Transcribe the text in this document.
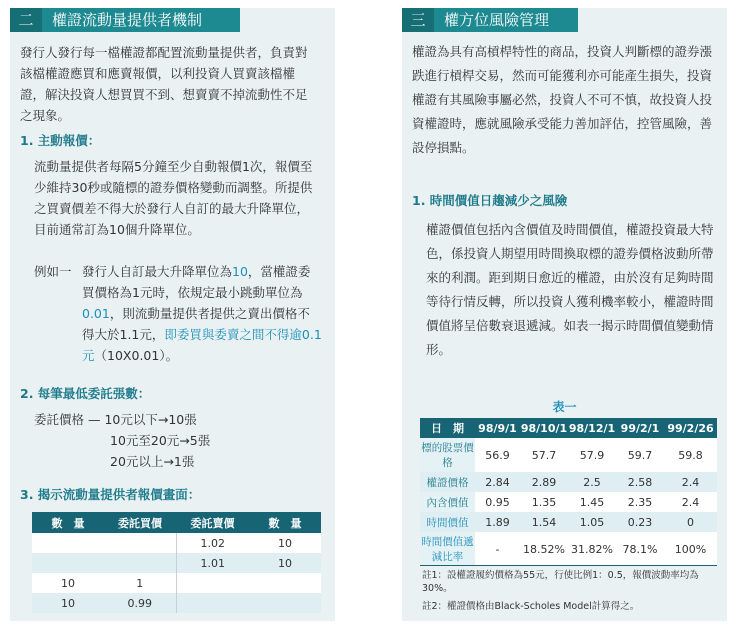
二	權證流動量提供者機制
發行人發行每一檔權證都配置流動量提供者，負責對該檔權證應買和應賣報價，以利投資人買賣該檔權證，解決投資人想買買不到、想賣賣不掉流動性不足之現象。
1. 主動報價：
流動量提供者每隔5分鐘至少自動報價1次，報價至少維持30秒或隨標的證券價格變動而調整。所提供之買賣價差不得大於發行人自訂的最大升降單位，目前通常訂為10個升降單位。
例如一 發行人自訂最大升降單位為10，當權證委買價格為1元時，依規定最小跳動單位為0.01，則流動量提供者提供之賣出價格不得大於1.1元，即委買與委賣之間不得逾0.1元（10X0.01）。
2. 每筆最低委託張數：
委託價格 — 10元以下→10張
10元至20元→5張
20元以上→1張
3. 揭示流動量提供者報價畫面：
數　量	委託買價	委託賣價	數　量
		1.02	10
		1.01	10
10	1		
10	0.99		
三	權方位風險管理
權證為具有高槓桿特性的商品，投資人判斷標的證券漲跌進行槓桿交易，然而可能獲利亦可能產生損失，投資權證有其風險事屬必然，投資人不可不慎，故投資人投資權證時，應就風險承受能力善加評估，控管風險，善設停損點。
1. 時間價值日趨減少之風險
權證價值包括內含價值及時間價值，權證投資最大特色，係投資人期望用時間換取標的證券價格波動所帶來的利潤。距到期日愈近的權證，由於沒有足夠時間等待行情反轉，所以投資人獲利機率較小，權證時間價值將呈倍數衰退遞減。如表一揭示時間價值變動情形。
表一
日　期	98/9/1	98/10/1	98/12/1	99/2/1	99/2/26
標的股票價格	56.9	57.7	57.9	59.7	59.8
權證價格	2.84	2.89	2.5	2.58	2.4
內含價值	0.95	1.35	1.45	2.35	2.4
時間價值	1.89	1.54	1.05	0.23	0
時間價值遞減比率	-	18.52%	31.82%	78.1%	100%
註1：設權證履約價格為55元，行使比例1：0.5，報價波動率均為30%。
註2：權證價格由Black-Scholes Model計算得之。
